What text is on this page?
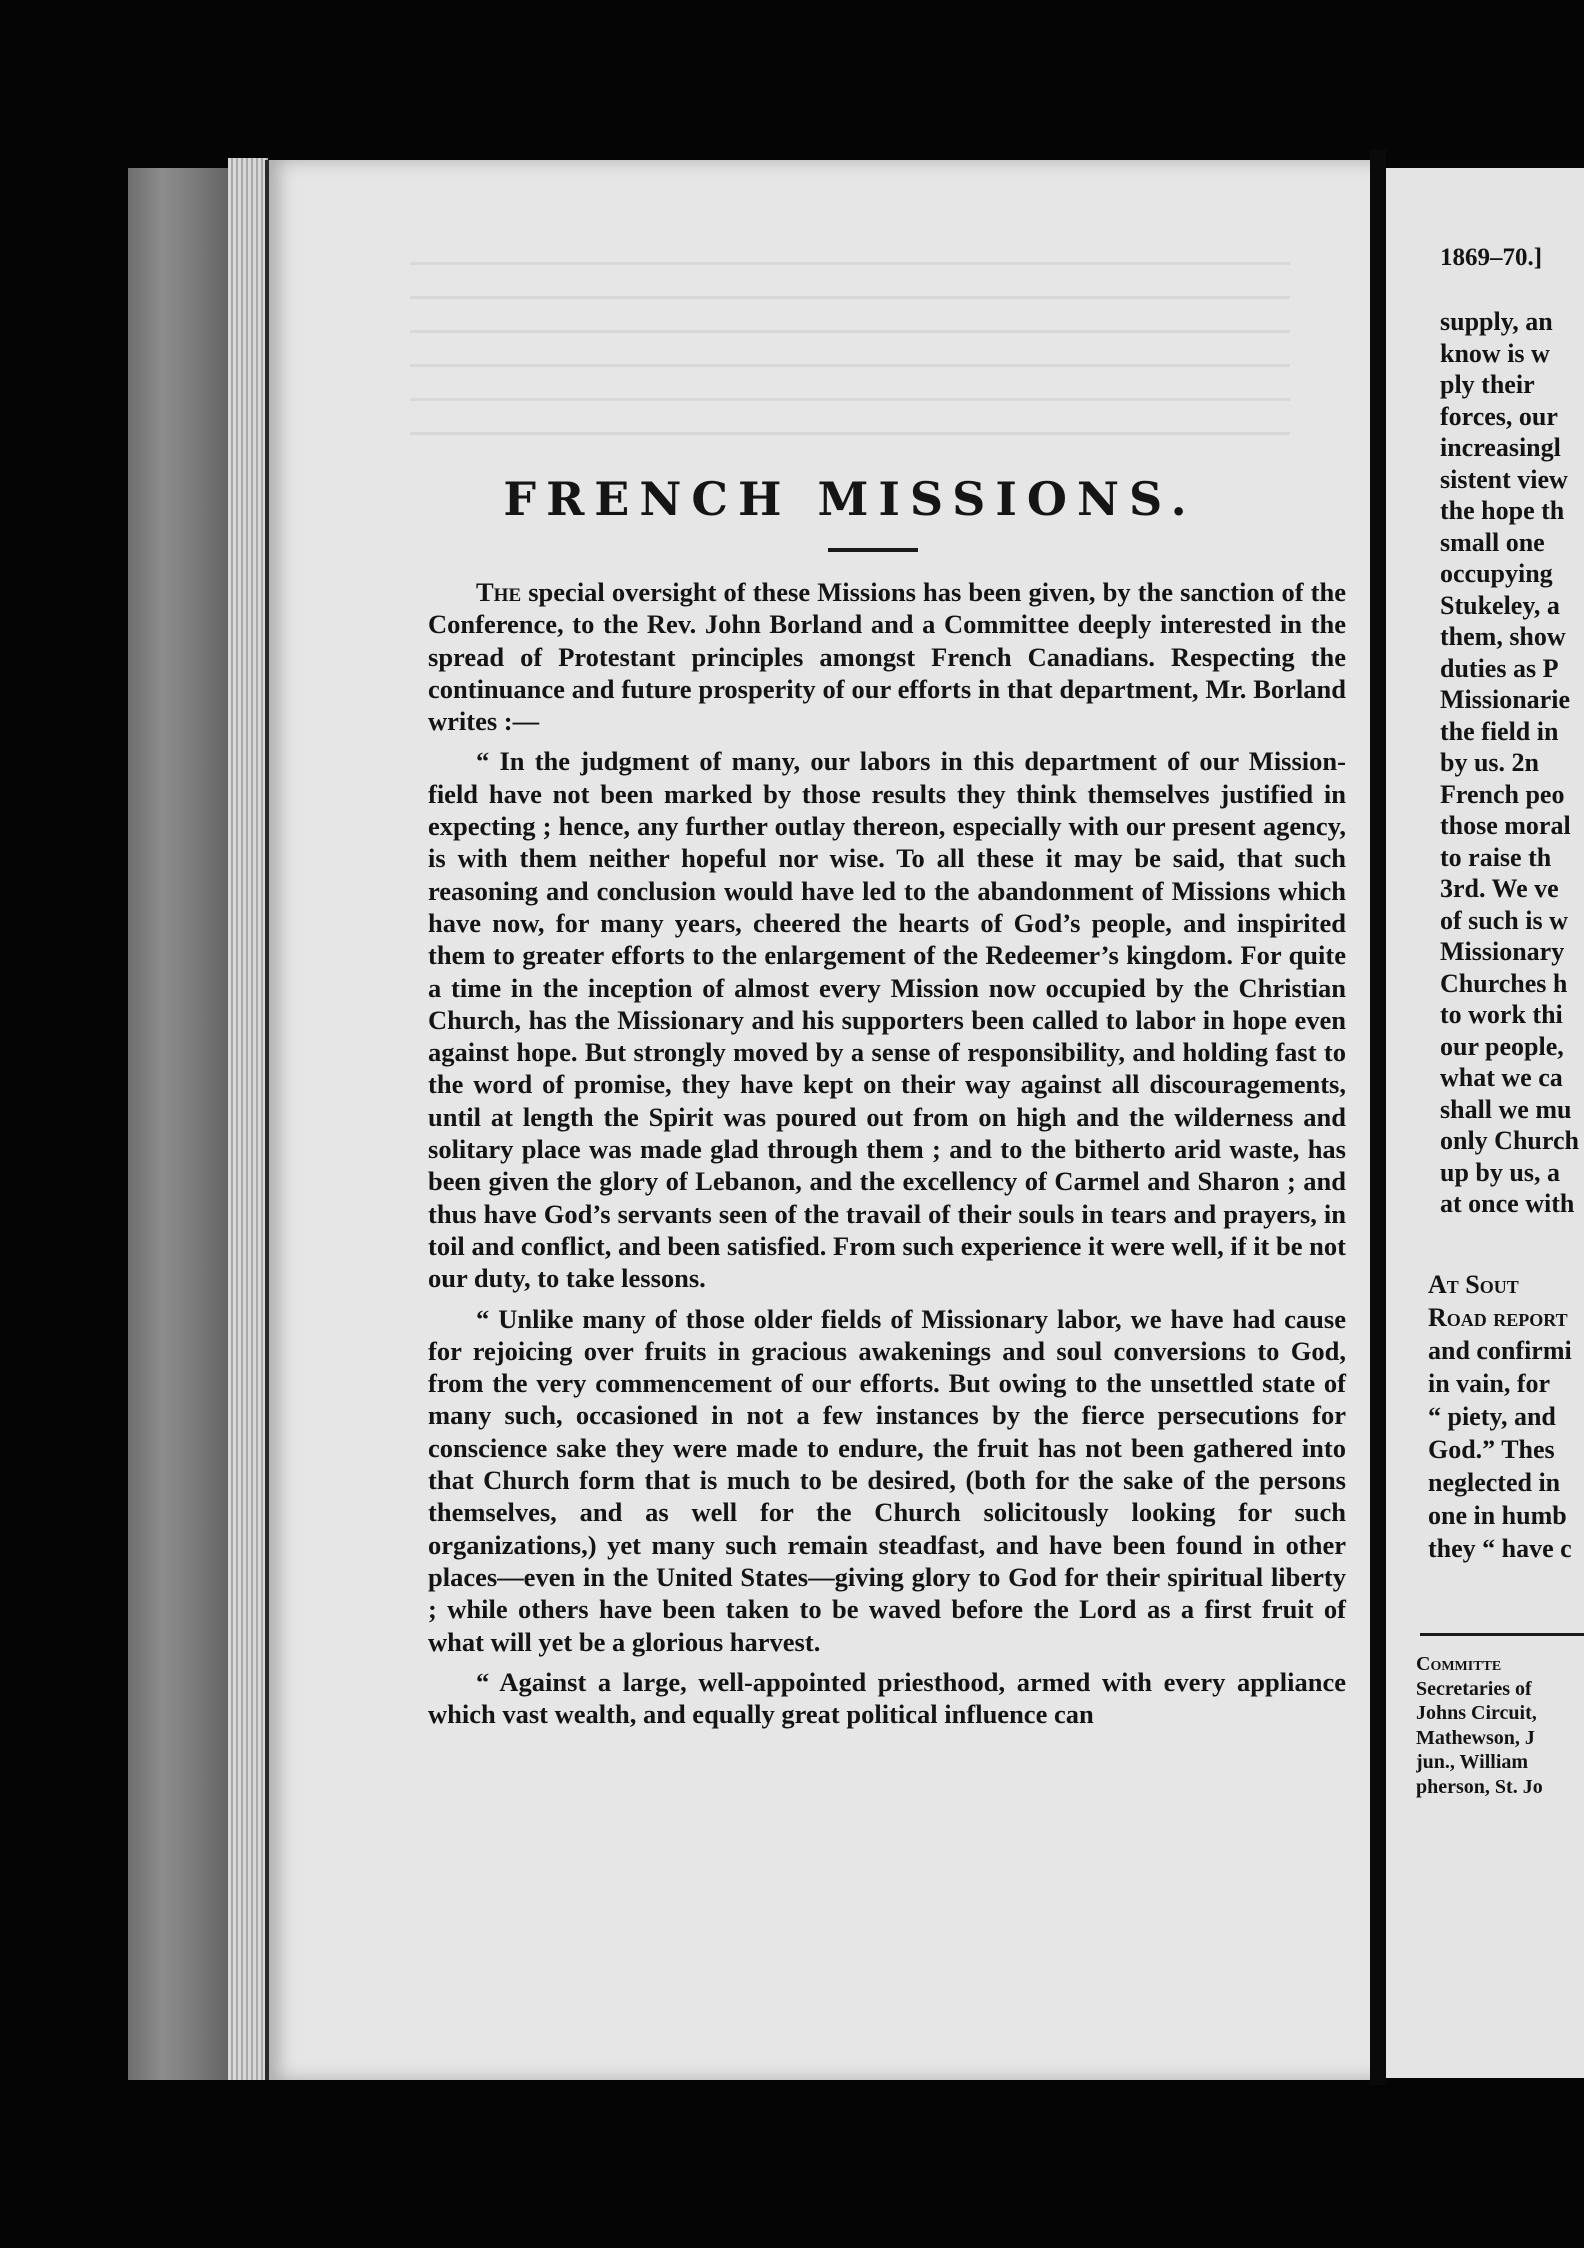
FRENCH MISSIONS.

The special oversight of these Missions has been given, by the sanction of the Conference, to the Rev. John Borland and a Committee deeply interested in the spread of Protestant principles amongst French Canadians. Respecting the continuance and future prosperity of our efforts in that department, Mr. Borland writes :—

“ In the judgment of many, our labors in this department of our Mission-field have not been marked by those results they think themselves justified in expecting ; hence, any further outlay thereon, especially with our present agency, is with them neither hopeful nor wise. To all these it may be said, that such reasoning and conclusion would have led to the abandonment of Missions which have now, for many years, cheered the hearts of God’s people, and inspirited them to greater efforts to the enlargement of the Redeemer’s kingdom. For quite a time in the inception of almost every Mission now occupied by the Christian Church, has the Missionary and his supporters been called to labor in hope even against hope. But strongly moved by a sense of responsibility, and holding fast to the word of promise, they have kept on their way against all discouragements, until at length the Spirit was poured out from on high and the wilderness and solitary place was made glad through them ; and to the bitherto arid waste, has been given the glory of Lebanon, and the excellency of Carmel and Sharon ; and thus have God’s servants seen of the travail of their souls in tears and prayers, in toil and conflict, and been satisfied. From such experience it were well, if it be not our duty, to take lessons.

“ Unlike many of those older fields of Missionary labor, we have had cause for rejoicing over fruits in gracious awakenings and soul conversions to God, from the very commencement of our efforts. But owing to the unsettled state of many such, occasioned in not a few instances by the fierce persecutions for conscience sake they were made to endure, the fruit has not been gathered into that Church form that is much to be desired, (both for the sake of the persons themselves, and as well for the Church solicitously looking for such organizations,) yet many such remain steadfast, and have been found in other places—even in the United States—giving glory to God for their spiritual liberty ; while others have been taken to be waved before the Lord as a first fruit of what will yet be a glorious harvest.

“ Against a large, well-appointed priesthood, armed with every appliance which vast wealth, and equally great political influence can

1869–70.]
supply, an
know is w
ply their
forces, our
increasingl
sistent view
the hope th
small one
occupying
Stukeley, a
them, show
duties as P
Missionarie
the field in
by us. 2n
French peo
those moral
to raise th
3rd. We ve
of such is w
Missionary
Churches h
to work thi
our people,
what we ca
shall we mu
only Church
up by us, a
at once with
At Sout
Road report
and confirmi
in vain, for
“ piety, and
God.” Thes
neglected in
one in humb
they “ have c
Committe
Secretaries of
Johns Circuit,
Mathewson, J
jun., William
pherson, St. Jo
